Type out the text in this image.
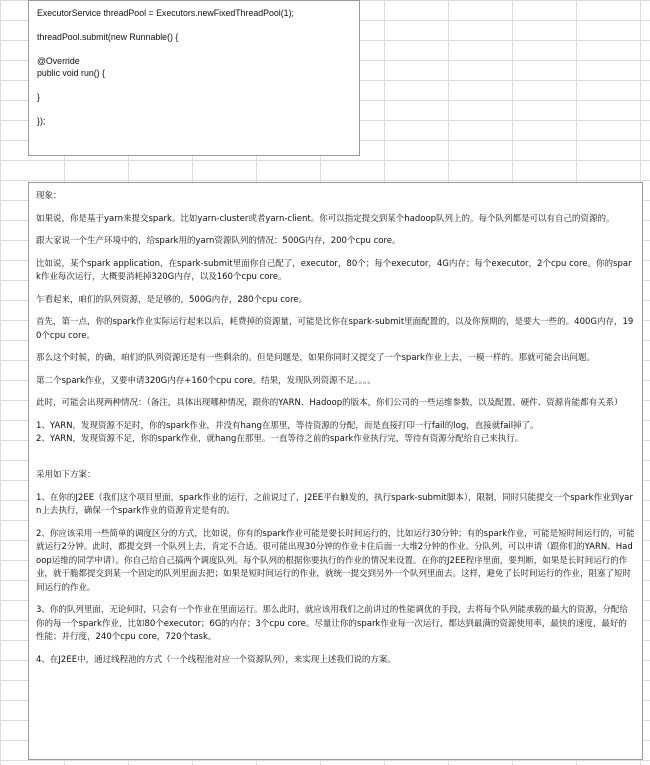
ExecutorService threadPool = Executors.newFixedThreadPool(1);
threadPool.submit(new Runnable() {
@Override
public void run() {
}
});
现象：
如果说，你是基于yarn来提交spark。比如yarn-cluster或者yarn-client。你可以指定提交到某个hadoop队列上的。每个队列都是可以有自己的资源的。
跟大家说一个生产环境中的，给spark用的yarn资源队列的情况：500G内存，200个cpu core。
比如说，某个spark application，在spark-submit里面你自己配了，executor，80个；每个executor，4G内存；每个executor，2个cpu core。你的spark作业每次运行，大概要消耗掉320G内存，以及160个cpu core。
乍看起来，咱们的队列资源，是足够的，500G内存，280个cpu core。
首先，第一点，你的spark作业实际运行起来以后，耗费掉的资源量，可能是比你在spark-submit里面配置的，以及你预期的，是要大一些的。400G内存，190个cpu core。
那么这个时候，的确，咱们的队列资源还是有一些剩余的。但是问题是，如果你同时又提交了一个spark作业上去，一模一样的。那就可能会出问题。
第二个spark作业，又要申请320G内存+160个cpu core。结果，发现队列资源不足。。。。
此时，可能会出现两种情况：（备注，具体出现哪种情况，跟你的YARN、Hadoop的版本，你们公司的一些运维参数，以及配置、硬件、资源肯能都有关系）
1、YARN，发现资源不足时，你的spark作业，并没有hang在那里，等待资源的分配，而是直接打印一行fail的log，直接就fail掉了。
2、YARN，发现资源不足，你的spark作业，就hang在那里。一直等待之前的spark作业执行完，等待有资源分配给自己来执行。
采用如下方案：
1、在你的J2EE（我们这个项目里面，spark作业的运行，之前说过了，J2EE平台触发的，执行spark-submit脚本），限制，同时只能提交一个spark作业到yarn上去执行，确保一个spark作业的资源肯定是有的。
2、你应该采用一些简单的调度区分的方式，比如说，你有的spark作业可能是要长时间运行的，比如运行30分钟；有的spark作业，可能是短时间运行的，可能就运行2分钟。此时，都提交到一个队列上去，肯定不合适。很可能出现30分钟的作业卡住后面一大堆2分钟的作业。分队列，可以申请（跟你们的YARN、Hadoop运维的同学申请）。你自己给自己搞两个调度队列。每个队列的根据你要执行的作业的情况来设置。在你的J2EE程序里面，要判断，如果是长时间运行的作业，就干脆都提交到某一个固定的队列里面去把；如果是短时间运行的作业，就统一提交到另外一个队列里面去。这样，避免了长时间运行的作业，阻塞了短时间运行的作业。
3、你的队列里面，无论何时，只会有一个作业在里面运行。那么此时，就应该用我们之前讲过的性能调优的手段，去将每个队列能承载的最大的资源，分配给你的每一个spark作业，比如80个executor；6G的内存；3个cpu core。尽量让你的spark作业每一次运行，都达到最满的资源使用率，最快的速度，最好的性能；并行度，240个cpu core，720个task。
4、在J2EE中，通过线程池的方式（一个线程池对应一个资源队列），来实现上述我们说的方案。
